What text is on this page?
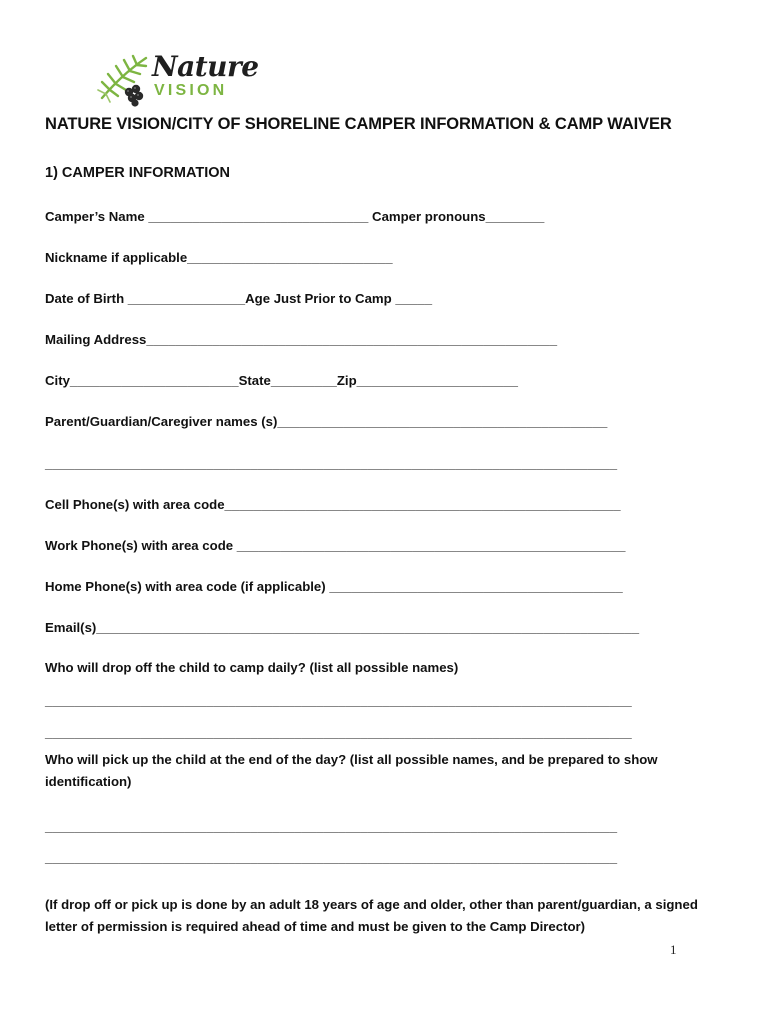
Nature
VISION
NATURE VISION/CITY OF SHORELINE CAMPER INFORMATION & CAMP WAIVER
1) CAMPER INFORMATION
Camper’s Name ______________________________ Camper pronouns________
Nickname if applicable____________________________
Date of Birth ________________Age Just Prior to Camp _____
Mailing Address________________________________________________________
City_______________________State_________Zip______________________
Parent/Guardian/Caregiver names (s)_____________________________________________
______________________________________________________________________________
Cell Phone(s) with area code______________________________________________________
Work Phone(s) with area code _____________________________________________________
Home Phone(s) with area code (if applicable) ________________________________________
Email(s)__________________________________________________________________________
Who will drop off the child to camp daily? (list all possible names)
________________________________________________________________________________
________________________________________________________________________________
Who will pick up the child at the end of the day? (list all possible names, and be prepared to show identification)
______________________________________________________________________________
______________________________________________________________________________
(If drop off or pick up is done by an adult 18 years of age and older, other than parent/guardian, a signed letter of permission is required ahead of time and must be given to the Camp Director)
1
